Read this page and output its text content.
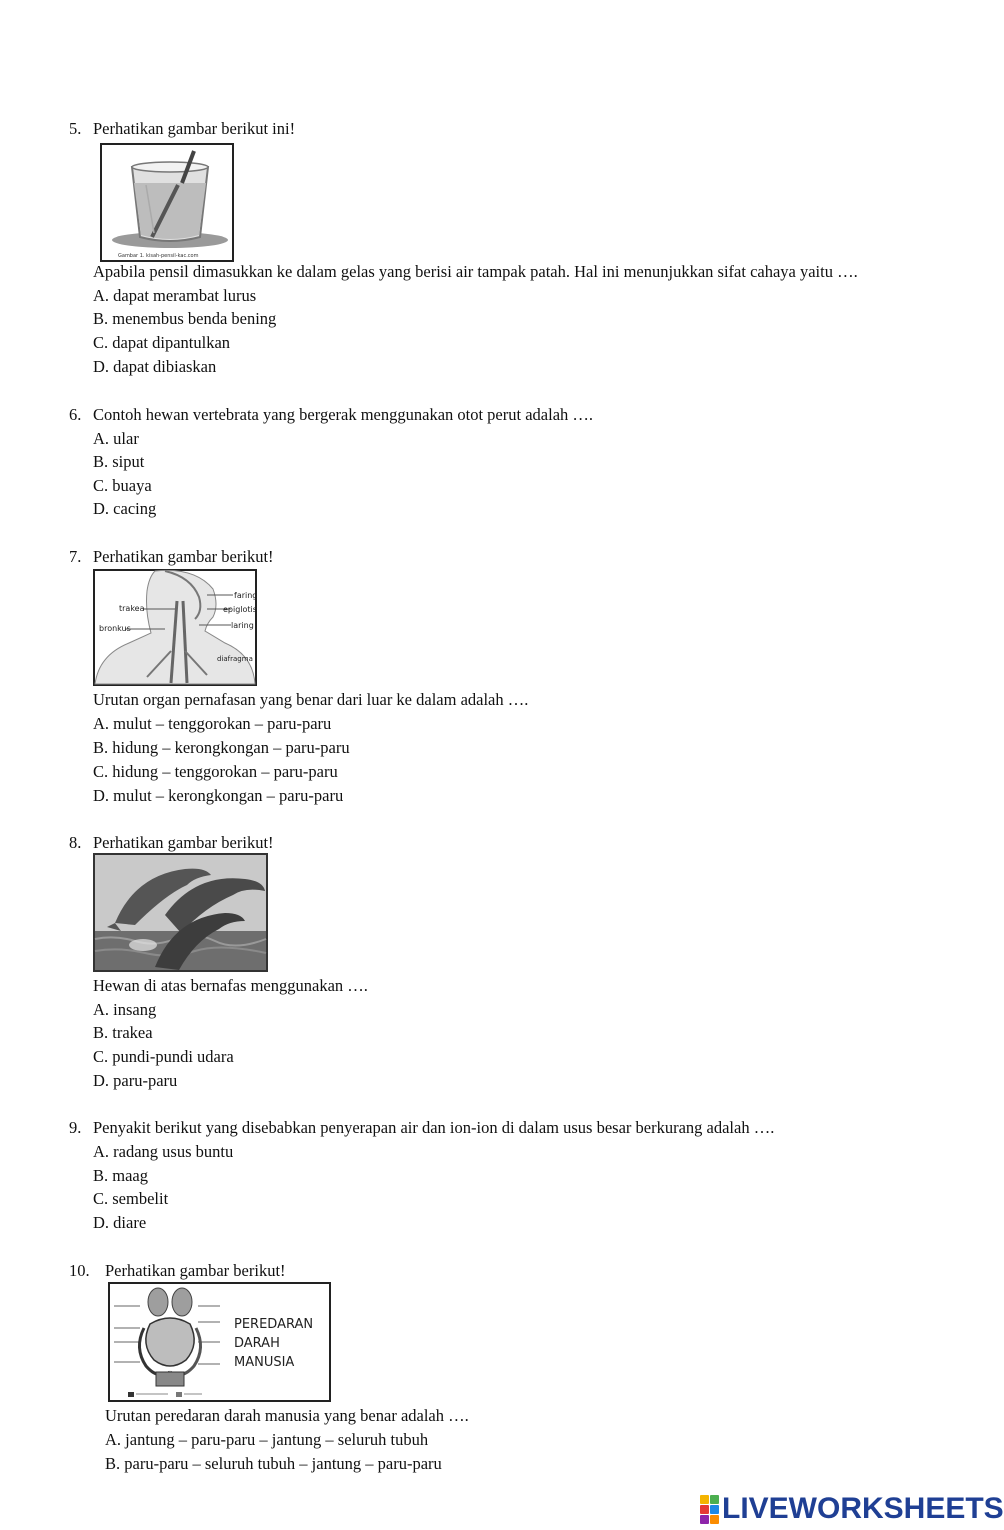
5. Perhatikan gambar berikut ini!
Gambar 1. kisah-pensil-kac.com
Apabila pensil dimasukkan ke dalam gelas yang berisi air tampak patah. Hal ini menunjukkan sifat cahaya yaitu ….
A. dapat merambat lurus
B. menembus benda bening
C. dapat dipantulkan
D. dapat dibiaskan
6. Contoh hewan vertebrata yang bergerak menggunakan otot perut adalah ….
A. ular
B. siput
C. buaya
D. cacing
7. Perhatikan gambar berikut!
faring
epiglotis
laring
diafragma
trakea
bronkus
Urutan organ pernafasan yang benar dari luar ke dalam adalah ….
A. mulut – tenggorokan – paru-paru
B. hidung – kerongkongan – paru-paru
C. hidung – tenggorokan – paru-paru
D. mulut – kerongkongan – paru-paru
8. Perhatikan gambar berikut!
Hewan di atas bernafas menggunakan ….
A. insang
B. trakea
C. pundi-pundi udara
D. paru-paru
9. Penyakit berikut yang disebabkan penyerapan air dan ion-ion di dalam usus besar berkurang adalah ….
A. radang usus buntu
B. maag
C. sembelit
D. diare
10. Perhatikan gambar berikut!
PEREDARAN
DARAH
MANUSIA
Urutan peredaran darah manusia yang benar adalah ….
A. jantung – paru-paru – jantung – seluruh tubuh
B. paru-paru – seluruh tubuh – jantung – paru-paru
LIVEWORKSHEETS
